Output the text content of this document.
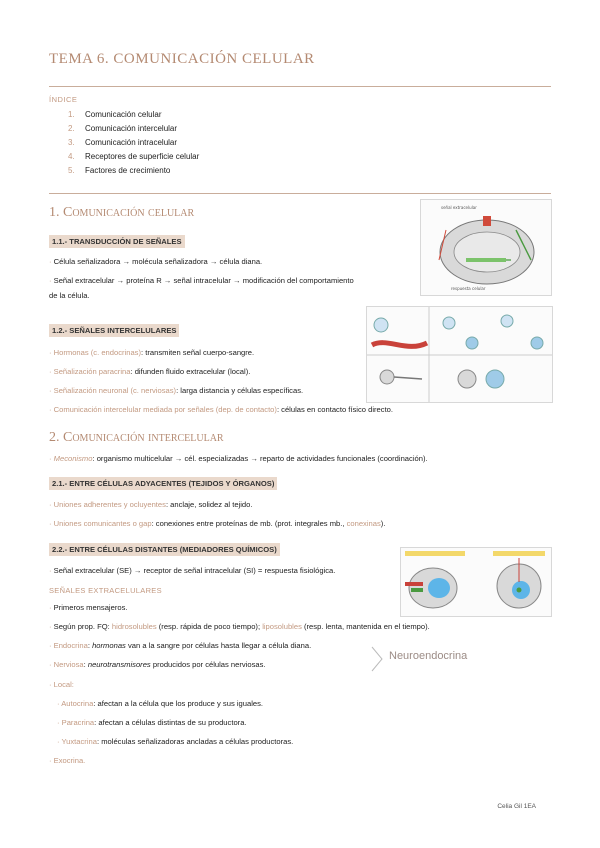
TEMA 6. COMUNICACIÓN CELULAR
ÍNDICE
1. Comunicación celular
2. Comunicación intercelular
3. Comunicación intracelular
4. Receptores de superficie celular
5. Factores de crecimiento
1. Comunicación celular
1.1.- TRANSDUCCIÓN DE SEÑALES
· Célula señalizadora → molécula señalizadora → célula diana.
· Señal extracelular → proteína R → señal intracelular → modificación del comportamiento
de la célula.
señal extracelular
respuesta celular
1.2.- SEÑALES INTERCELULARES
· Hormonas (c. endocrinas): transmiten señal cuerpo-sangre.
· Señalización paracrina: difunden fluido extracelular (local).
· Señalización neuronal (c. nerviosas): larga distancia y células específicas.
· Comunicación intercelular mediada por señales (dep. de contacto): células en contacto físico directo.
2. Comunicación intercelular
· Meconismo: organismo multicelular → cél. especializadas → reparto de actividades funcionales (coordinación).
2.1.- ENTRE CÉLULAS ADYACENTES (TEJIDOS Y ÓRGANOS)
· Uniones adherentes y ocluyentes: anclaje, solidez al tejido.
· Uniones comunicantes o gap: conexiones entre proteínas de mb. (prot. integrales mb., conexinas).
2.2.- ENTRE CÉLULAS DISTANTES (MEDIADORES QUÍMICOS)
· Señal extracelular (SE) → receptor de señal intracelular (SI) = respuesta fisiológica.
SEÑALES EXTRACELULARES
· Primeros mensajeros.
· Según prop. FQ: hidrosolubles (resp. rápida de poco tiempo); liposolubles (resp. lenta, mantenida en el tiempo).
· Endocrina: hormonas van a la sangre por células hasta llegar a célula diana.
· Nerviosa: neurotransmisores producidos por células nerviosas.
Neuroendocrina
· Local:
· Autocrina: afectan a la célula que los produce y sus iguales.
· Paracrina: afectan a células distintas de su productora.
· Yuxtacrina: moléculas señalizadoras ancladas a células productoras.
· Exocrina.
Celia Gil 1EA
